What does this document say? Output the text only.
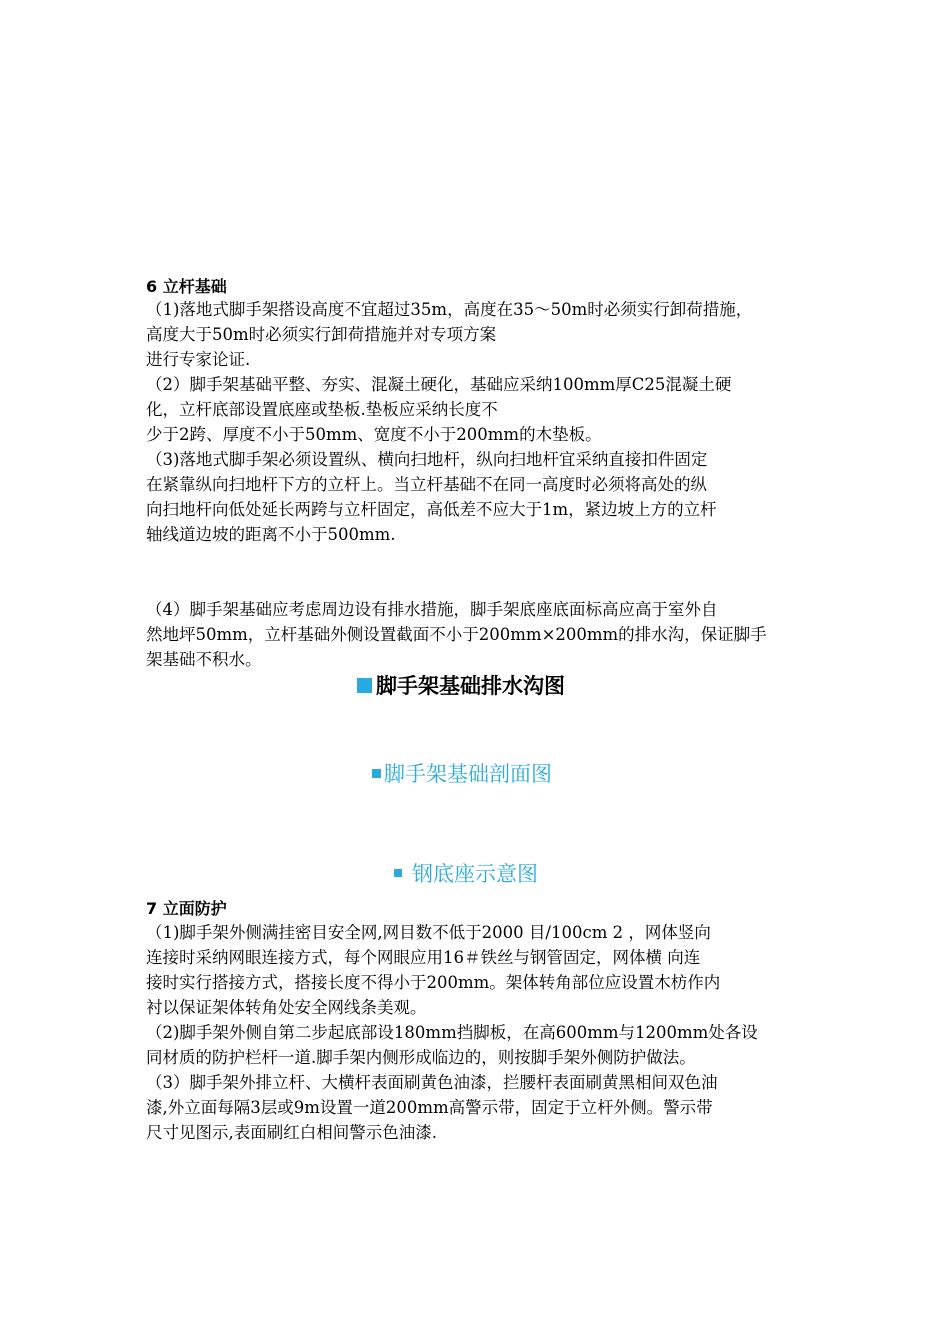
6 立杆基础
（1)落地式脚手架搭设高度不宜超过35m，高度在35～50m时必须实行卸荷措施，
高度大于50m时必须实行卸荷措施并对专项方案
进行专家论证.
（2）脚手架基础平整、夯实、混凝土硬化，基础应采纳100mm厚C25混凝土硬
化，立杆底部设置底座或垫板.垫板应采纳长度不
少于2跨、厚度不小于50mm、宽度不小于200mm的木垫板。
（3)落地式脚手架必须设置纵、横向扫地杆，纵向扫地杆宜采纳直接扣件固定
在紧靠纵向扫地杆下方的立杆上。当立杆基础不在同一高度时必须将高处的纵
向扫地杆向低处延长两跨与立杆固定，高低差不应大于1m，紧边坡上方的立杆
轴线道边坡的距离不小于500mm.
（4）脚手架基础应考虑周边设有排水措施，脚手架底座底面标高应高于室外自
然地坪50mm，立杆基础外侧设置截面不小于200mm×200mm的排水沟，保证脚手
架基础不积水。
脚手架基础排水沟图
脚手架基础剖面图
钢底座示意图
7 立面防护
（1)脚手架外侧满挂密目安全网,网目数不低于2000 目/100cm 2 ，网体竖向
连接时采纳网眼连接方式，每个网眼应用16＃铁丝与钢管固定，网体横 向连
接时实行搭接方式，搭接长度不得小于200mm。架体转角部位应设置木枋作内
衬以保证架体转角处安全网线条美观。
（2)脚手架外侧自第二步起底部设180mm挡脚板，在高600mm与1200mm处各设
同材质的防护栏杆一道.脚手架内侧形成临边的，则按脚手架外侧防护做法。
（3）脚手架外排立杆、大横杆表面刷黄色油漆，拦腰杆表面刷黄黑相间双色油
漆,外立面每隔3层或9m设置一道200mm高警示带，固定于立杆外侧。警示带
尺寸见图示,表面刷红白相间警示色油漆.
